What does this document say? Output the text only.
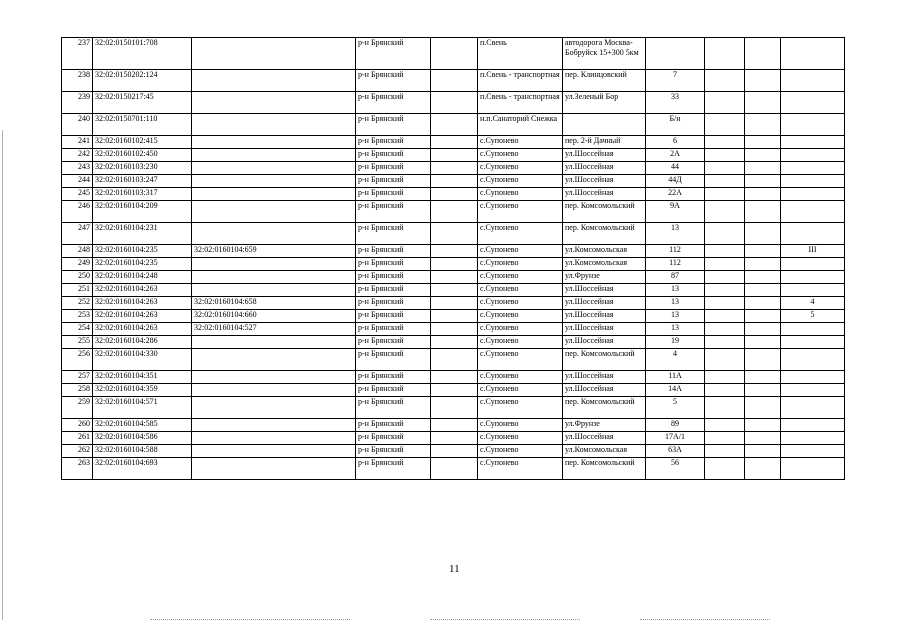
237	32:02:0150101:708		р-н Брянский		п.Свень	автодорога Москва-Бобруйск 15+300 5км				
238	32:02:0150202:124		р-н Брянский		п.Свень - транспортная	пер. Клинцовский	7			
239	32:02:0150217:45		р-н Брянский		п.Свень - транспортная	ул.Зеленый Бор	33			
240	32:02:0150701:110		р-н Брянский		н.п.Санаторий Снежка		Б/н			
241	32:02:0160102:415		р-н Брянский		с.Супонево	пер. 2-й Дачный	6			
242	32:02:0160102:450		р-н Брянский		с.Супонево	ул.Шоссейная	2А			
243	32:02:0160103:230		р-н Брянский		с.Супонево	ул.Шоссейная	44			
244	32:02:0160103:247		р-н Брянский		с.Супонево	ул.Шоссейная	44Д			
245	32:02:0160103:317		р-н Брянский		с.Супонево	ул.Шоссейная	22А			
246	32:02:0160104:209		р-н Брянский		с.Супонево	пер. Комсомольский	9А			
247	32:02:0160104:231		р-н Брянский		с.Супонево	пер. Комсомольский	13			
248	32:02:0160104:235	32:02:0160104:659	р-н Брянский		с.Супонево	ул.Комсомольская	112			III
249	32:02:0160104:235		р-н Брянский		с.Супонево	ул.Комсомольская	112			
250	32:02:0160104:248		р-н Брянский		с.Супонево	ул.Фрунзе	87			
251	32:02:0160104:263		р-н Брянский		с.Супонево	ул.Шоссейная	13			
252	32:02:0160104:263	32:02:0160104:658	р-н Брянский		с.Супонево	ул.Шоссейная	13			4
253	32:02:0160104:263	32:02:0160104:660	р-н Брянский		с.Супонево	ул.Шоссейная	13			5
254	32:02:0160104:263	32:02:0160104:527	р-н Брянский		с.Супонево	ул.Шоссейная	13			
255	32:02:0160104:286		р-н Брянский		с.Супонево	ул.Шоссейная	19			
256	32:02:0160104:330		р-н Брянский		с.Супонево	пер. Комсомольский	4			
257	32:02:0160104:351		р-н Брянский		с.Супонево	ул.Шоссейная	11А			
258	32:02:0160104:359		р-н Брянский		с.Супонево	ул.Шоссейная	14А			
259	32:02:0160104:571		р-н Брянский		с.Супонево	пер. Комсомольский	5			
260	32:02:0160104:585		р-н Брянский		с.Супонево	ул.Фрунзе	89			
261	32:02:0160104:586		р-н Брянский		с.Супонево	ул.Шоссейная	17А/1			
262	32:02:0160104:588		р-н Брянский		с.Супонево	ул.Комсомольская	63А			
263	32:02:0160104:693		р-н Брянский		с.Супонево	пер. Комсомольский	56			
11
